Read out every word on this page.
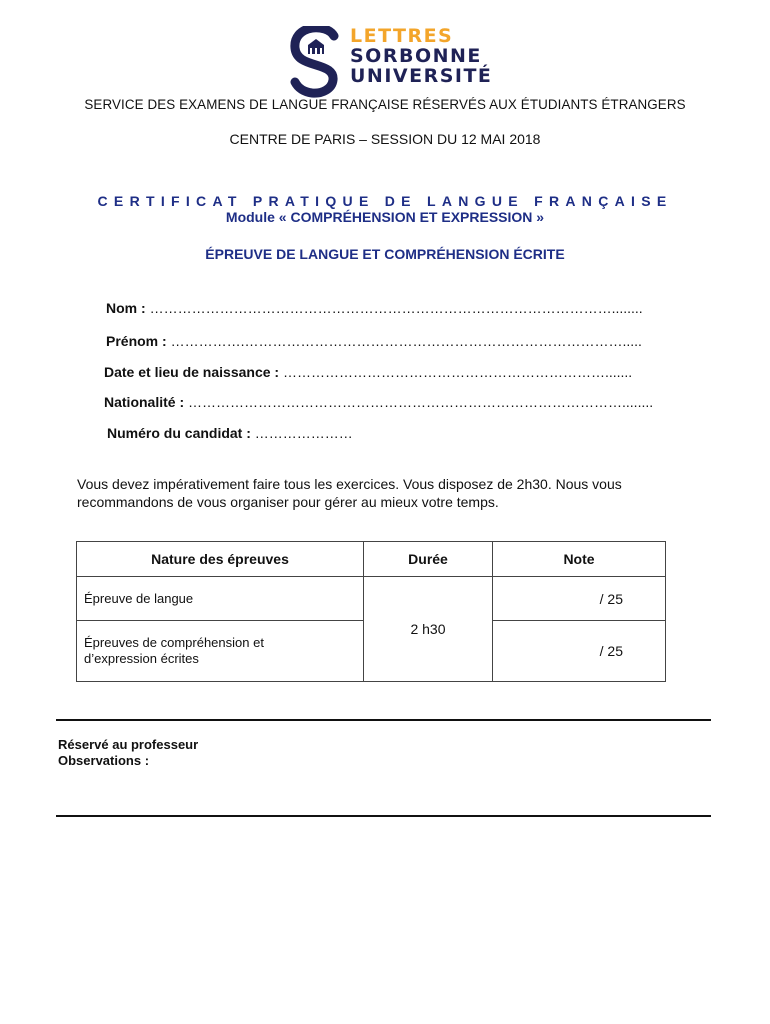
LETTRES
SORBONNE
UNIVERSITÉ
SERVICE DES EXAMENS DE LANGUE FRANÇAISE RÉSERVÉS AUX ÉTUDIANTS ÉTRANGERS
CENTRE DE PARIS – SESSION DU 12 MAI 2018
CERTIFICAT PRATIQUE DE LANGUE FRANÇAISE
Module « COMPRÉHENSION ET EXPRESSION »
ÉPREUVE DE LANGUE ET COMPRÉHENSION ÉCRITE
Nom : ………………………………………………………………………………………........
Prénom : …………….……………………………………………………………………….....
Date et lieu de naissance : …………………………………………………………….......
Nationalité : …………………………………………………………………………………........
Numéro du candidat : …………………
Vous devez impérativement faire tous les exercices. Vous disposez de 2h30. Nous vous
recommandons de vous organiser pour gérer au mieux votre temps.
Nature des épreuves	Durée	Note
Épreuve de langue	2 h30	/ 25

Épreuves de compréhension et
d’expression écrites		/ 25
Réservé au professeur
Observations :
